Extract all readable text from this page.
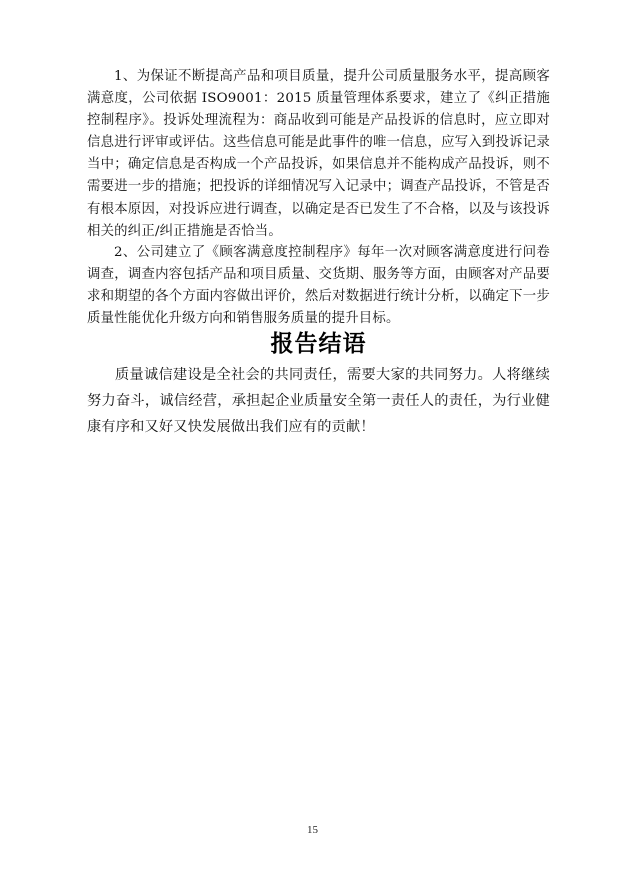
1、为保证不断提高产品和项目质量，提升公司质量服务水平，提高顾客满意度，公司依据 ISO9001：2015 质量管理体系要求，建立了《纠正措施控制程序》。投诉处理流程为：商品收到可能是产品投诉的信息时，应立即对信息进行评审或评估。这些信息可能是此事件的唯一信息，应写入到投诉记录当中；确定信息是否构成一个产品投诉，如果信息并不能构成产品投诉，则不需要进一步的措施；把投诉的详细情况写入记录中；调查产品投诉，不管是否有根本原因，对投诉应进行调查，以确定是否已发生了不合格，以及与该投诉相关的纠正/纠正措施是否恰当。

2、公司建立了《顾客满意度控制程序》每年一次对顾客满意度进行问卷调查，调查内容包括产品和项目质量、交货期、服务等方面，由顾客对产品要求和期望的各个方面内容做出评价，然后对数据进行统计分析，以确定下一步质量性能优化升级方向和销售服务质量的提升目标。

报告结语

质量诚信建设是全社会的共同责任，需要大家的共同努力。人将继续努力奋斗，诚信经营，承担起企业质量安全第一责任人的责任，为行业健康有序和又好又快发展做出我们应有的贡献！

15
